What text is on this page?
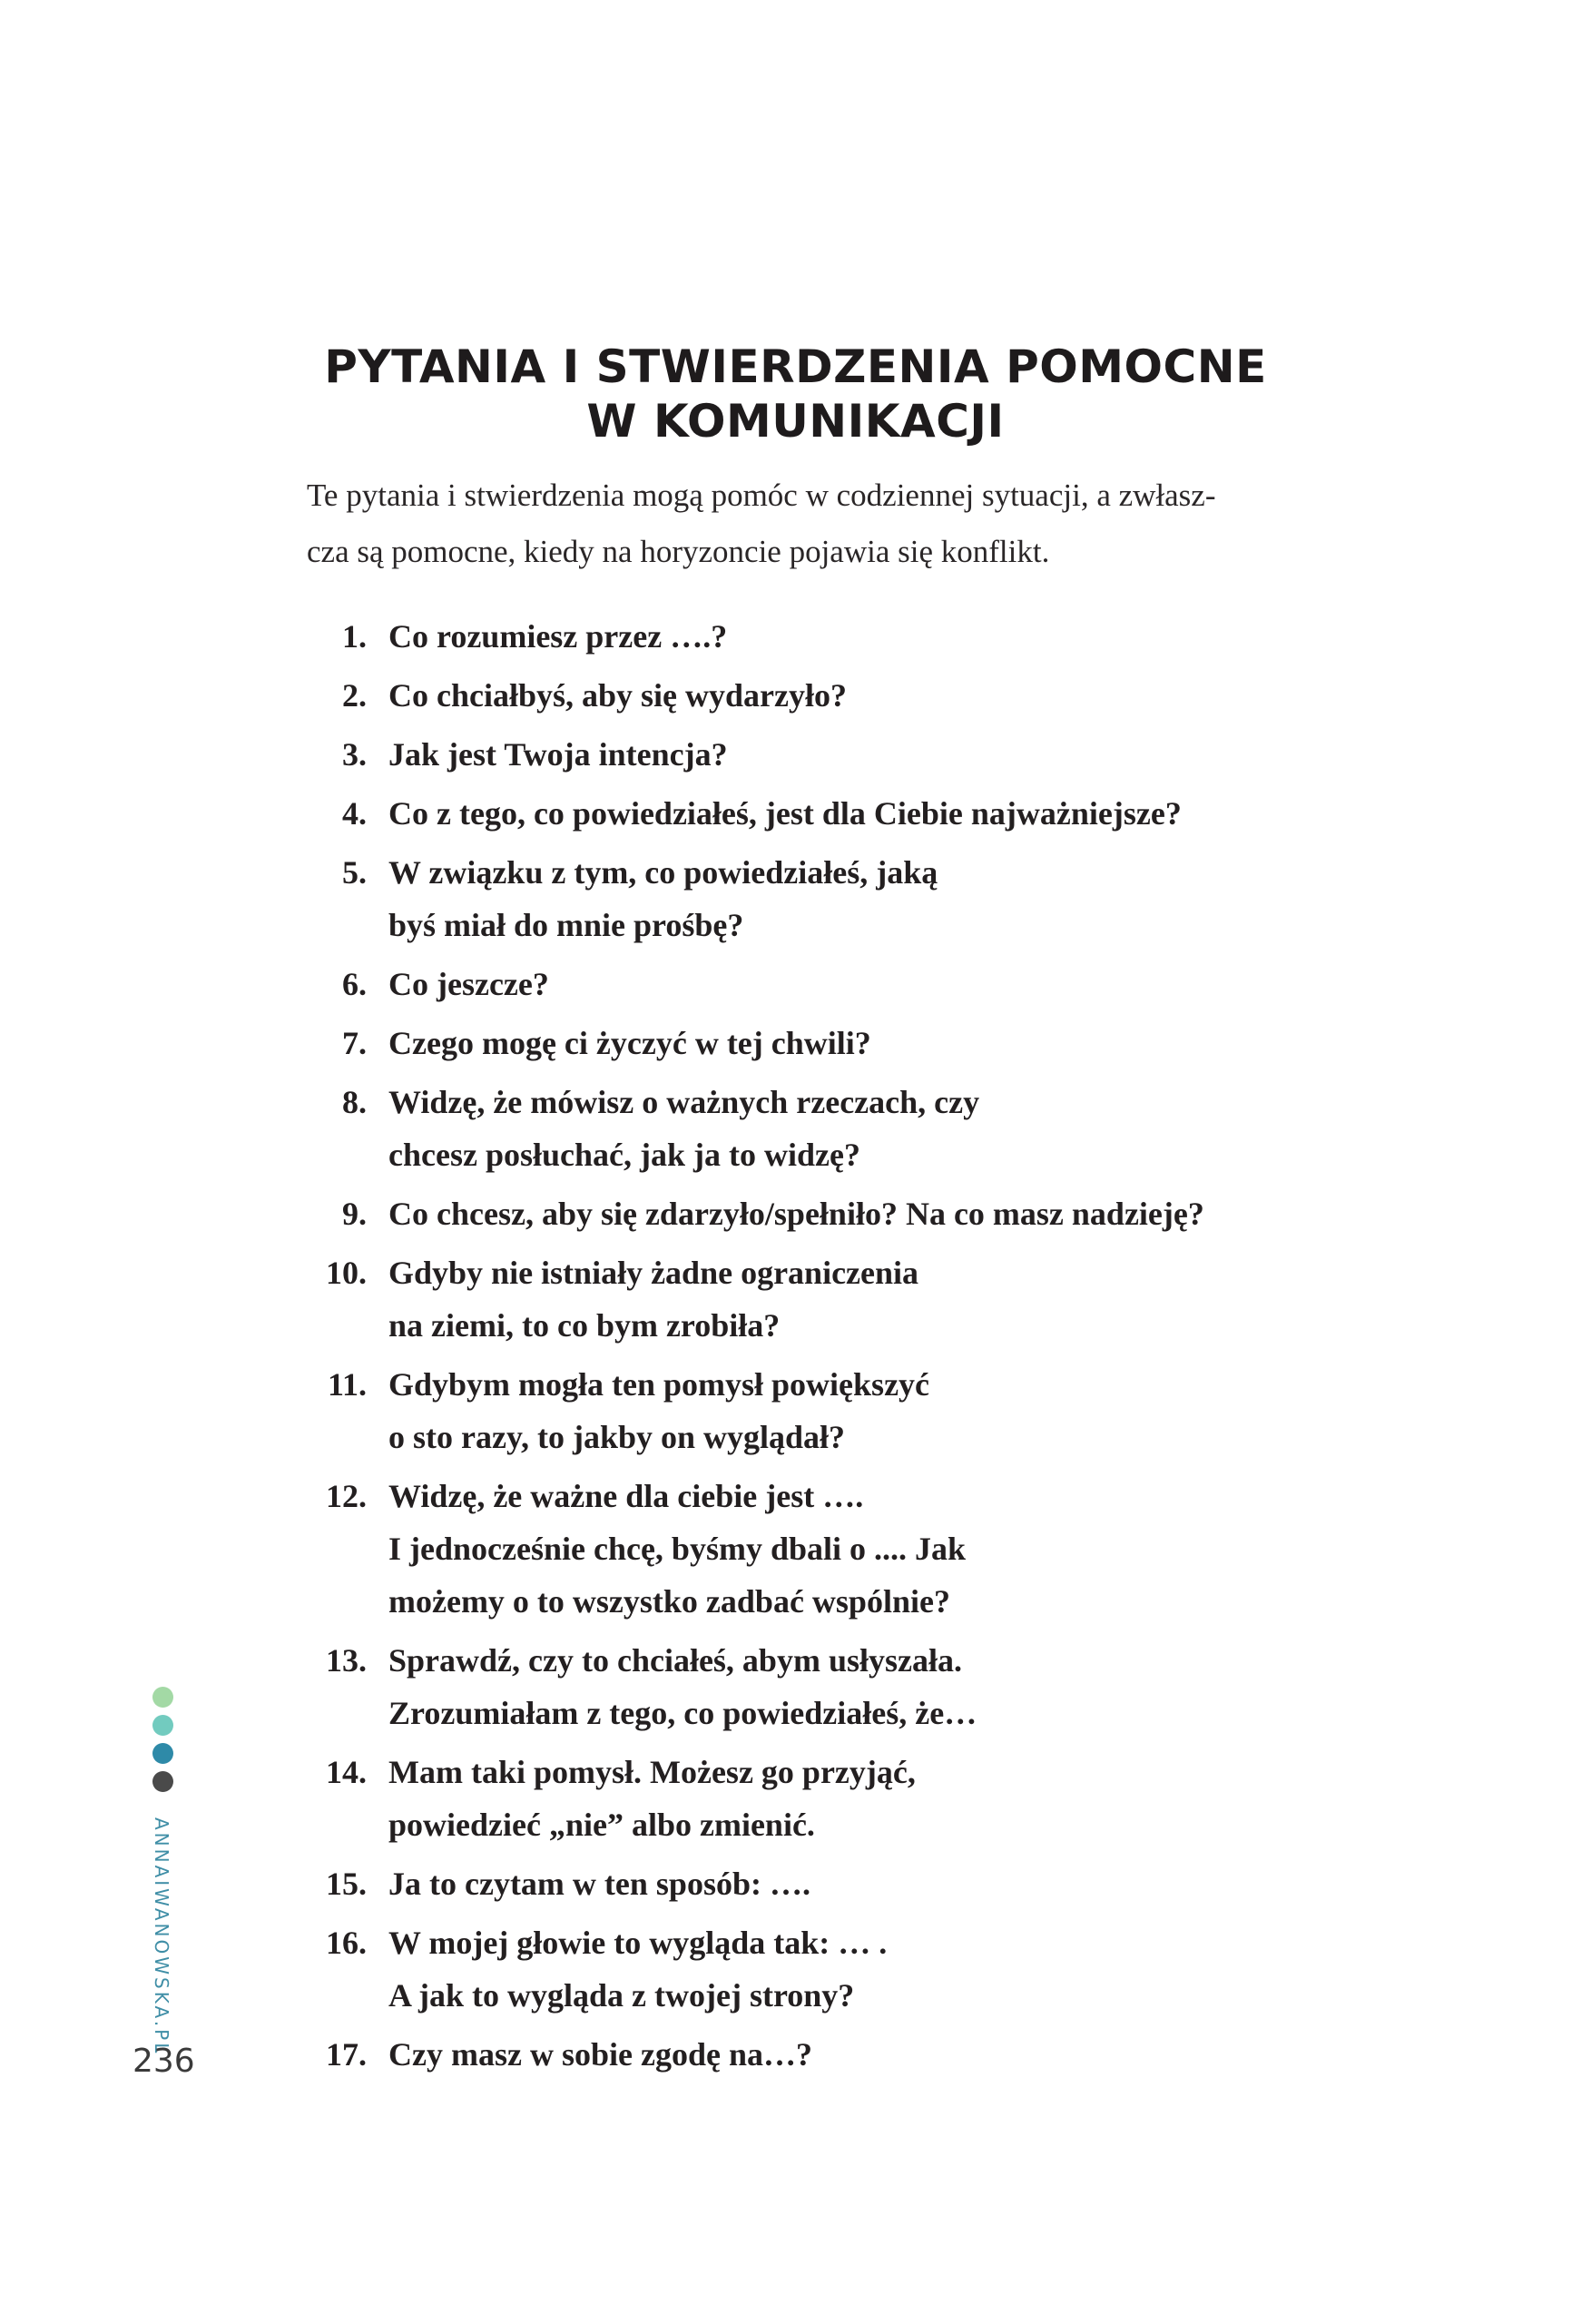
PYTANIA I STWIERDZENIA POMOCNE
W KOMUNIKACJI

Te pytania i stwierdzenia mogą pomóc w codziennej sytuacji, a zwłasz-
cza są pomocne, kiedy na horyzoncie pojawia się konflikt.

1. Co rozumiesz przez ….?
2. Co chciałbyś, aby się wydarzyło?
3. Jak jest Twoja intencja?
4. Co z tego, co powiedziałeś, jest dla Ciebie najważniejsze?
5. W związku z tym, co powiedziałeś, jaką
byś miał do mnie prośbę?
6. Co jeszcze?
7. Czego mogę ci życzyć w tej chwili?
8. Widzę, że mówisz o ważnych rzeczach, czy
chcesz posłuchać, jak ja to widzę?
9. Co chcesz, aby się zdarzyło/spełniło? Na co masz nadzieję?
10. Gdyby nie istniały żadne ograniczenia
na ziemi, to co bym zrobiła?
11. Gdybym mogła ten pomysł powiększyć
o sto razy, to jakby on wyglądał?
12. Widzę, że ważne dla ciebie jest ….
I jednocześnie chcę, byśmy dbali o .... Jak
możemy o to wszystko zadbać wspólnie?
13. Sprawdź, czy to chciałeś, abym usłyszała.
Zrozumiałam z tego, co powiedziałeś, że…
14. Mam taki pomysł. Możesz go przyjąć,
powiedzieć „nie” albo zmienić.
15. Ja to czytam w ten sposób: ….
16. W mojej głowie to wygląda tak: … .
A jak to wygląda z twojej strony?
17. Czy masz w sobie zgodę na…?
ANNAIWANOWSKA.PL
236
